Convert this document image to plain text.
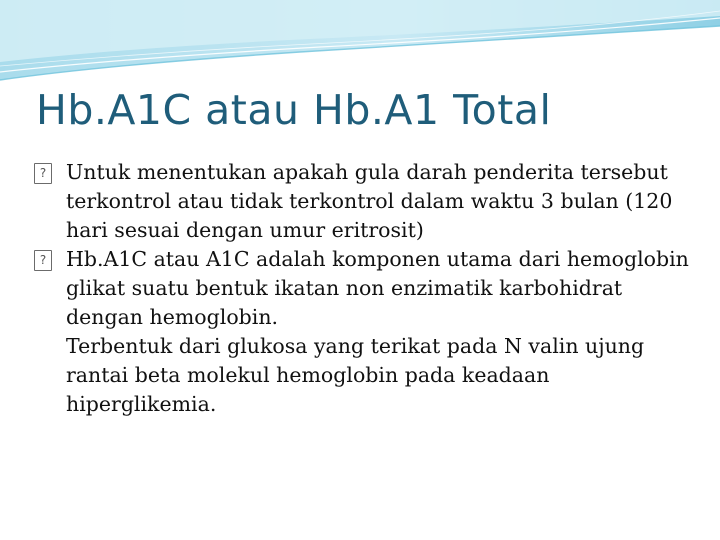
Hb.A1C atau Hb.A1 Total
?
Untuk menentukan apakah gula darah penderita tersebut terkontrol atau tidak terkontrol dalam waktu 3 bulan (120 hari sesuai dengan umur eritrosit)
?
Hb.A1C atau A1C adalah komponen utama dari hemoglobin glikat suatu bentuk ikatan non enzimatik karbohidrat dengan hemoglobin.
Terbentuk dari glukosa yang terikat pada N valin ujung rantai beta molekul hemoglobin pada keadaan hiperglikemia.
